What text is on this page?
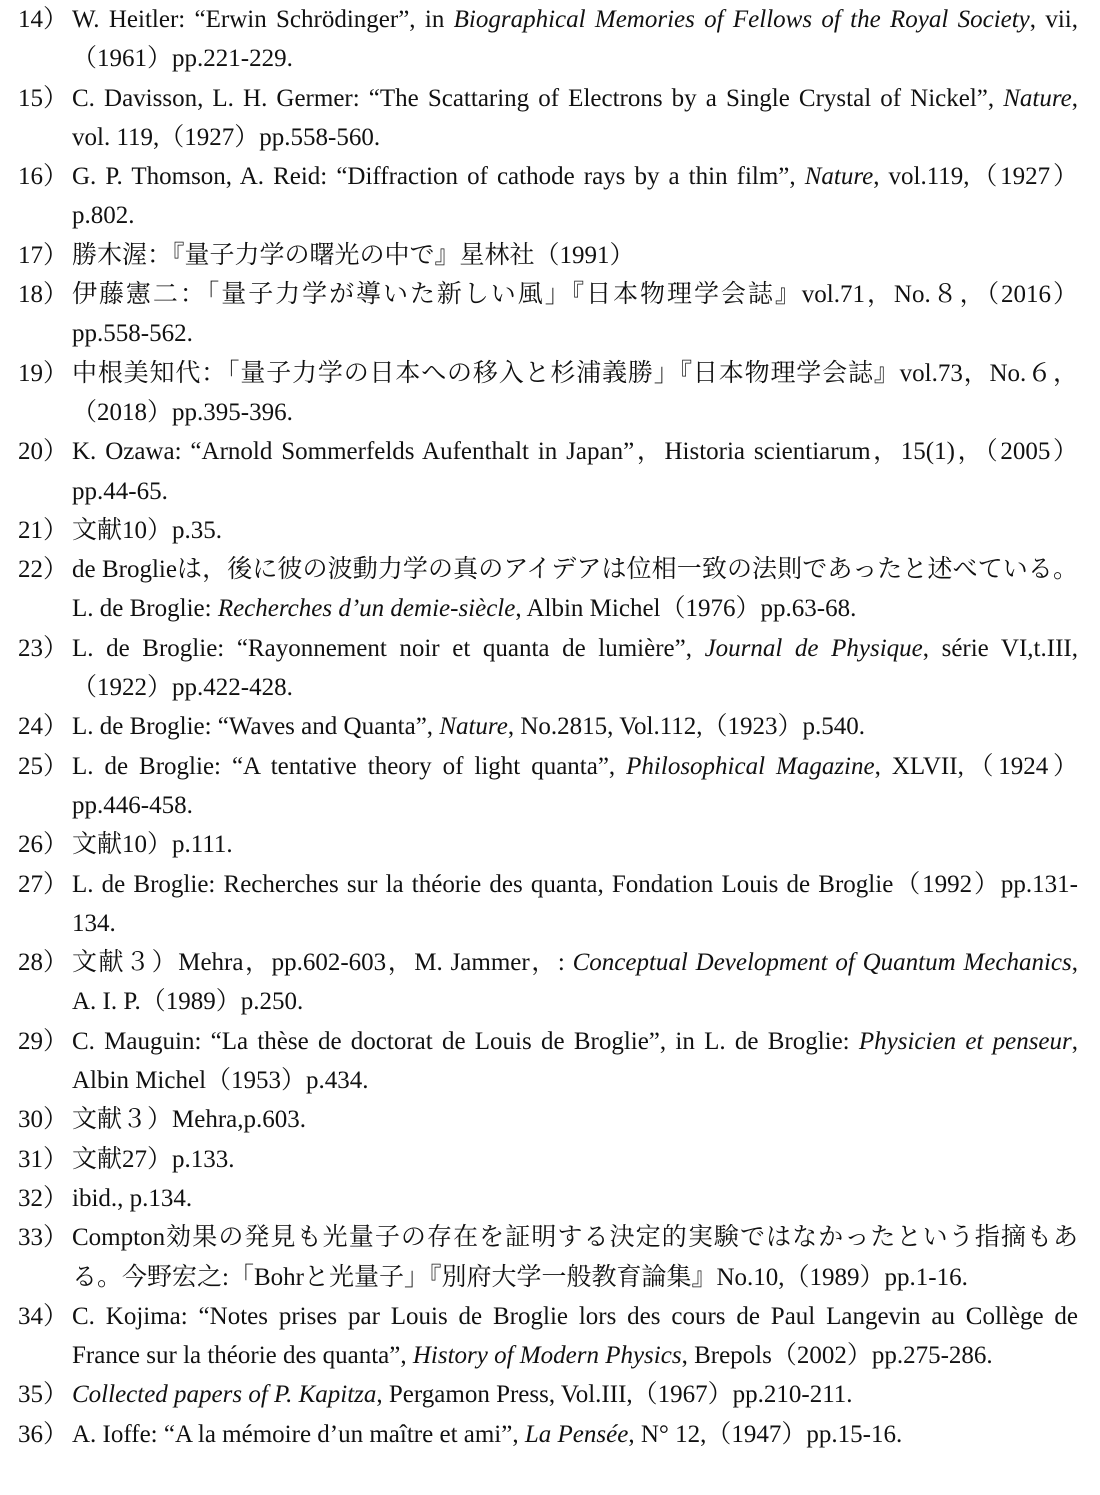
14） W. Heitler: “Erwin Schrödinger”, in Biographical Memories of Fellows of the Royal Society, vii,（1961）pp.221-229.
15） C. Davisson, L. H. Germer: “The Scattaring of Electrons by a Single Crystal of Nickel”, Nature, vol. 119,（1927）pp.558-560.
16） G. P. Thomson, A. Reid: “Diffraction of cathode rays by a thin film”, Nature, vol.119,（1927）p.802.
17） 勝木渥：『量子力学の曙光の中で』星林社（1991）
18） 伊藤憲二：「量子力学が導いた新しい風」『日本物理学会誌』vol.71，No.８，（2016）pp.558-562.
19） 中根美知代：「量子力学の日本への移入と杉浦義勝」『日本物理学会誌』vol.73，No.６，（2018）pp.395-396.
20） K. Ozawa: “Arnold Sommerfelds Aufenthalt in Japan”，Historia scientiarum，15(1)，（2005）pp.44-65.
21） 文献10）p.35.
22） de Broglieは，後に彼の波動力学の真のアイデアは位相一致の法則であったと述べている。L. de Broglie: Recherches d’un demie-siècle, Albin Michel（1976）pp.63-68.
23） L. de Broglie: “Rayonnement noir et quanta de lumière”, Journal de Physique, série VI,t.III,（1922）pp.422-428.
24） L. de Broglie: “Waves and Quanta”, Nature, No.2815, Vol.112,（1923）p.540.
25） L. de Broglie: “A tentative theory of light quanta”, Philosophical Magazine, XLVII,（1924）pp.446-458.
26） 文献10）p.111.
27） L. de Broglie: Recherches sur la théorie des quanta, Fondation Louis de Broglie（1992）pp.131-134.
28） 文献３）Mehra，pp.602-603，M. Jammer，: Conceptual Development of Quantum Mechanics, A. I. P.（1989）p.250.
29） C. Mauguin: “La thèse de doctorat de Louis de Broglie”, in L. de Broglie: Physicien et penseur, Albin Michel（1953）p.434.
30） 文献３）Mehra,p.603.
31） 文献27）p.133.
32） ibid., p.134.
33） Compton効果の発見も光量子の存在を証明する決定的実験ではなかったという指摘もある。今野宏之:「Bohrと光量子」『別府大学一般教育論集』No.10,（1989）pp.1-16.
34） C. Kojima: “Notes prises par Louis de Broglie lors des cours de Paul Langevin au Collège de France sur la théorie des quanta”, History of Modern Physics, Brepols（2002）pp.275-286.
35） Collected papers of P. Kapitza, Pergamon Press, Vol.III,（1967）pp.210-211.
36） A. Ioffe: “A la mémoire d’un maître et ami”, La Pensée, N° 12,（1947）pp.15-16.
